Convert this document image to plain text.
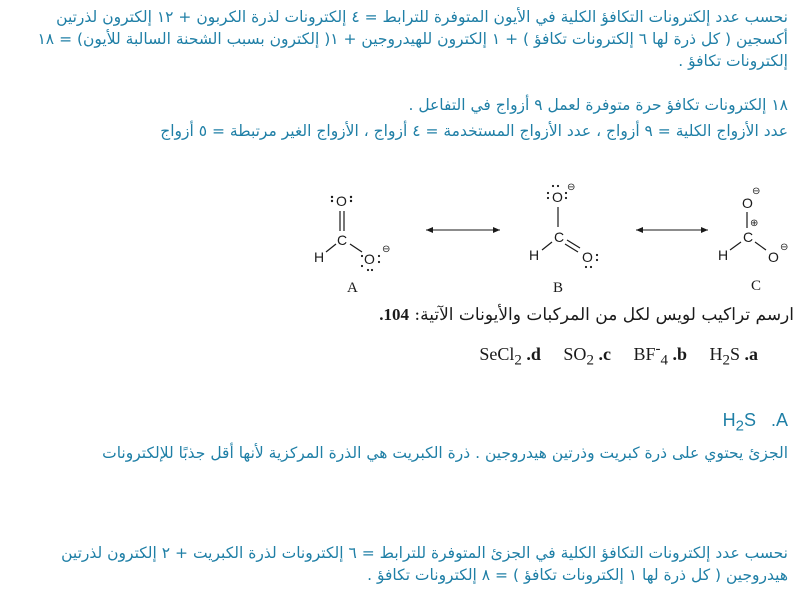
نحسب عدد إلكترونات التكافؤ الكلية في الأيون المتوفرة للترابط = ٤ إلكترونات لذرة الكربون + ١٢ إلكترون لذرتين أكسجين ( كل ذرة لها ٦ إلكترونات تكافؤ ) + ١ إلكترون للهيدروجين + ١( إلكترون بسبب الشحنة السالبة للأيون) = ١٨ إلكترونات تكافؤ .
١٨ إلكترونات تكافؤ حرة متوفرة لعمل ٩ أزواج في التفاعل .
عدد الأزواج الكلية = ٩ أزواج ، عدد الأزواج المستخدمة = ٤ أزواج ، الأزواج الغير مرتبطة = ٥ أزواج
O
C
H	O
⊖
A
O
⊖
C
H	O
B
O
⊖
⊕
C
H	O
⊖
C
ارسم تراكيب لويس لكل من المركبات والأيونات الآتية: 104.
SeCl$_2$ .d $SO_2$ .c $BF^-_4$ .b $H_2S$ .a
$H_2S$ .A
الجزئ يحتوي على ذرة كبريت وذرتين هيدروجين . ذرة الكبريت هي الذرة المركزية لأنها أقل جذبًا للإلكترونات
نحسب عدد إلكترونات التكافؤ الكلية في الجزئ المتوفرة للترابط = ٦ إلكترونات لذرة الكبريت + ٢ إلكترون لذرتين هيدروجين ( كل ذرة لها ١ إلكترونات تكافؤ ) = ٨ إلكترونات تكافؤ .
